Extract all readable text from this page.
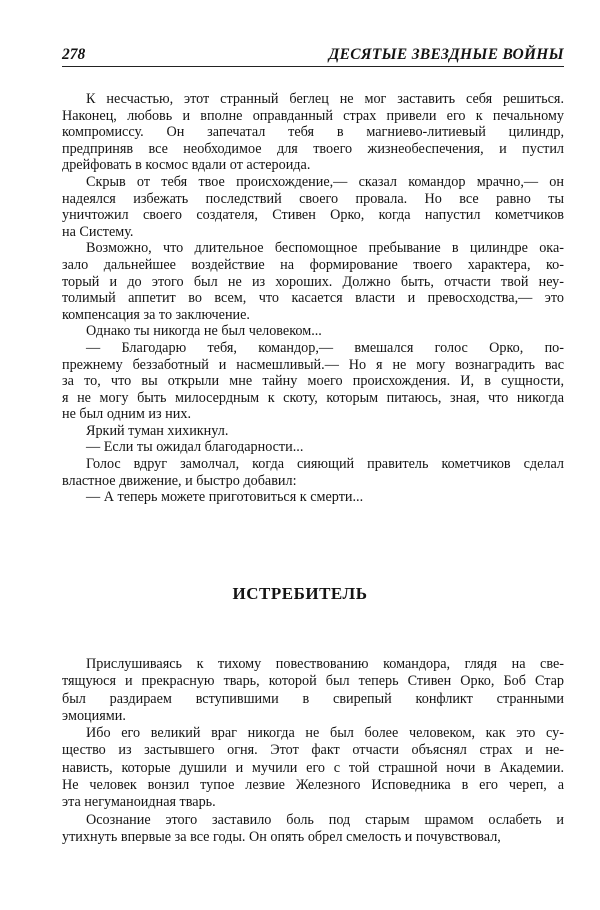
278	ДЕСЯТЫЕ ЗВЕЗДНЫЕ ВОЙНЫ
К несчастью, этот странный беглец не мог заставить себя решиться.
Наконец, любовь и вполне оправданный страх привели его к печальному
компромиссу. Он запечатал тебя в магниево-литиевый цилиндр,
предприняв все необходимое для твоего жизнеобеспечения, и пустил
дрейфовать в космос вдали от астероида.
Скрыв от тебя твое происхождение,— сказал командор мрачно,— он
надеялся избежать последствий своего провала. Но все равно ты
уничтожил своего создателя, Стивен Орко, когда напустил кометчиков
на Систему.
Возможно, что длительное беспомощное пребывание в цилиндре ока-
зало дальнейшее воздействие на формирование твоего характера, ко-
торый и до этого был не из хороших. Должно быть, отчасти твой неу-
толимый аппетит во всем, что касается власти и превосходства,— это
компенсация за то заключение.
Однако ты никогда не был человеком...
— Благодарю тебя, командор,— вмешался голос Орко, по-
прежнему беззаботный и насмешливый.— Но я не могу вознаградить вас
за то, что вы открыли мне тайну моего происхождения. И, в сущности,
я не могу быть милосердным к скоту, которым питаюсь, зная, что никогда
не был одним из них.
Яркий туман хихикнул.
— Если ты ожидал благодарности...
Голос вдруг замолчал, когда сияющий правитель кометчиков сделал
властное движение, и быстро добавил:
— А теперь можете приготовиться к смерти...
ИСТРЕБИТЕЛЬ
Прислушиваясь к тихому повествованию командора, глядя на све-
тящуюся и прекрасную тварь, которой был теперь Стивен Орко, Боб Стар
был раздираем вступившими в свирепый конфликт странными
эмоциями.
Ибо его великий враг никогда не был более человеком, как это су-
щество из застывшего огня. Этот факт отчасти объяснял страх и не-
нависть, которые душили и мучили его с той страшной ночи в Академии.
Не человек вонзил тупое лезвие Железного Исповедника в его череп, а
эта негуманоидная тварь.
Осознание этого заставило боль под старым шрамом ослабеть и
утихнуть впервые за все годы. Он опять обрел смелость и почувствовал,
